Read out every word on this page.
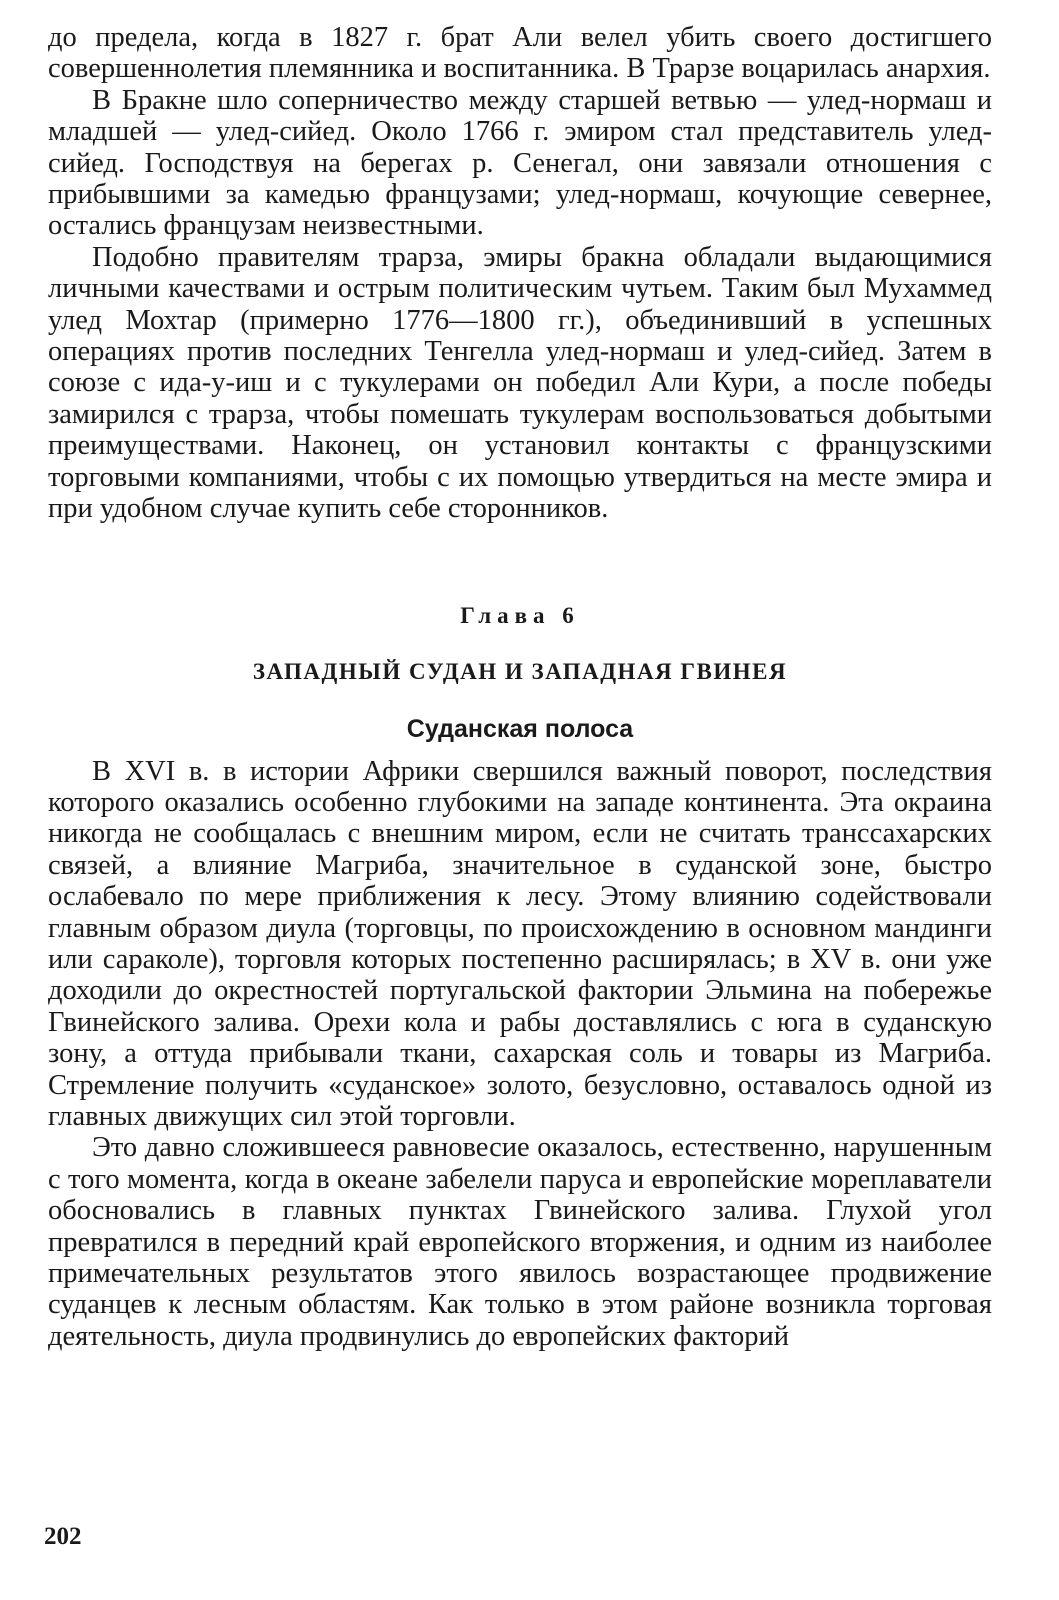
до предела, когда в 1827 г. брат Али велел убить своего достигшего совершеннолетия племянника и воспитанника. В Трарзе воцарилась анархия.

В Бракне шло соперничество между старшей ветвью — улед-нормаш и младшей — улед-сийед. Около 1766 г. эмиром стал представитель улед-сийед. Господствуя на берегах р. Сенегал, они завязали отношения с прибывшими за камедью французами; улед-нормаш, кочующие севернее, остались французам неизвестными.

Подобно правителям трарза, эмиры бракна обладали выдающимися личными качествами и острым политическим чутьем. Таким был Мухаммед улед Мохтар (примерно 1776—1800 гг.), объединивший в успешных операциях против последних Тенгелла улед-нормаш и улед-сийед. Затем в союзе с ида-у-иш и с тукулерами он победил Али Кури, а после победы замирился с трарза, чтобы помешать тукулерам воспользоваться добытыми преимуществами. Наконец, он установил контакты с французскими торговыми компаниями, чтобы с их помощью утвердиться на месте эмира и при удобном случае купить себе сторонников.

Глава 6
ЗАПАДНЫЙ СУДАН И ЗАПАДНАЯ ГВИНЕЯ
Суданская полоса

В XVI в. в истории Африки свершился важный поворот, последствия которого оказались особенно глубокими на западе континента. Эта окраина никогда не сообщалась с внешним миром, если не считать транссахарских связей, а влияние Магриба, значительное в суданской зоне, быстро ослабевало по мере приближения к лесу. Этому влиянию содействовали главным образом диула (торговцы, по происхождению в основном мандинги или сараколе), торговля которых постепенно расширялась; в XV в. они уже доходили до окрестностей португальской фактории Эльмина на побережье Гвинейского залива. Орехи кола и рабы доставлялись с юга в суданскую зону, а оттуда прибывали ткани, сахарская соль и товары из Магриба. Стремление получить «суданское» золото, безусловно, оставалось одной из главных движущих сил этой торговли.

Это давно сложившееся равновесие оказалось, естественно, нарушенным с того момента, когда в океане забелели паруса и европейские мореплаватели обосновались в главных пунктах Гвинейского залива. Глухой угол превратился в передний край европейского вторжения, и одним из наиболее примечательных результатов этого явилось возрастающее продвижение суданцев к лесным областям. Как только в этом районе возникла торговая деятельность, диула продвинулись до европейских факторий

202
